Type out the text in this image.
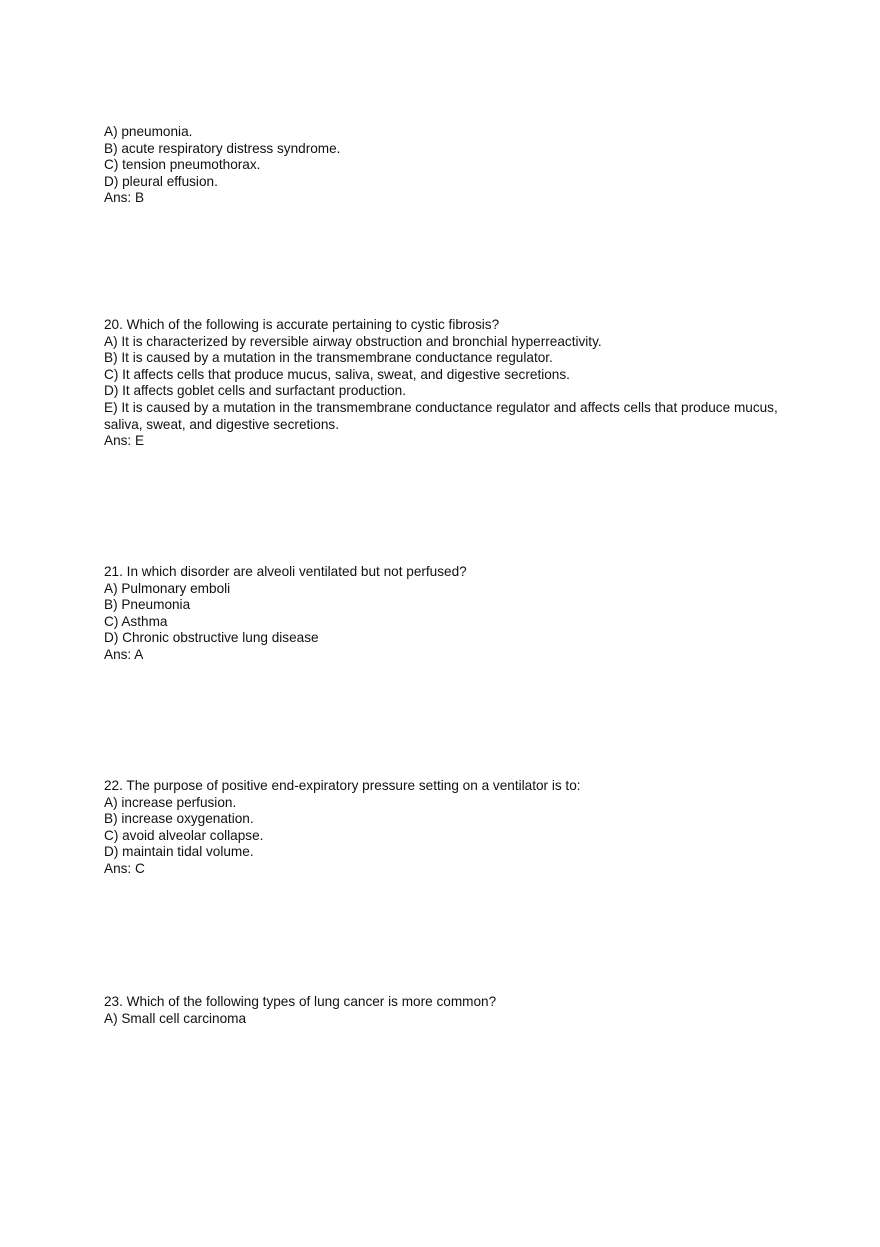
A) pneumonia.
B) acute respiratory distress syndrome.
C) tension pneumothorax.
D) pleural effusion.
Ans: B
20. Which of the following is accurate pertaining to cystic fibrosis?
A) It is characterized by reversible airway obstruction and bronchial hyperreactivity.
B) It is caused by a mutation in the transmembrane conductance regulator.
C) It affects cells that produce mucus, saliva, sweat, and digestive secretions.
D) It affects goblet cells and surfactant production.
E) It is caused by a mutation in the transmembrane conductance regulator and affects cells that produce mucus, saliva, sweat, and digestive secretions.
Ans: E
21. In which disorder are alveoli ventilated but not perfused?
A) Pulmonary emboli
B) Pneumonia
C) Asthma
D) Chronic obstructive lung disease
Ans: A
22. The purpose of positive end-expiratory pressure setting on a ventilator is to:
A) increase perfusion.
B) increase oxygenation.
C) avoid alveolar collapse.
D) maintain tidal volume.
Ans: C
23. Which of the following types of lung cancer is more common?
A) Small cell carcinoma
